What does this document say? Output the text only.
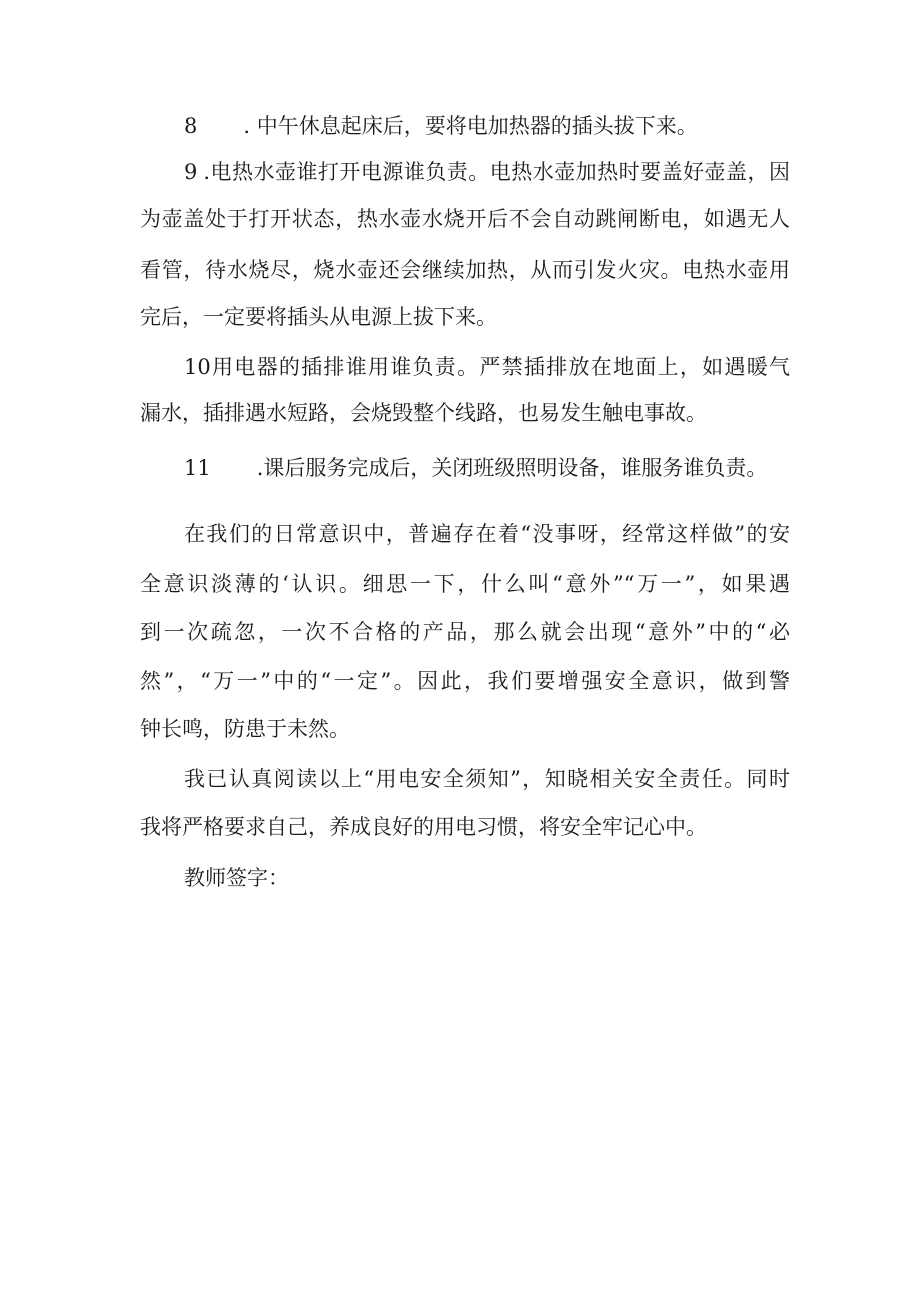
8 . 中午休息起床后，要将电加热器的插头拔下来。
9 .电热水壶谁打开电源谁负责。电热水壶加热时要盖好壶盖，因
为壶盖处于打开状态，热水壶水烧开后不会自动跳闸断电，如遇无人
看管，待水烧尽，烧水壶还会继续加热，从而引发火灾。电热水壶用
完后，一定要将插头从电源上拔下来。
10用电器的插排谁用谁负责。严禁插排放在地面上，如遇暖气
漏水，插排遇水短路，会烧毁整个线路，也易发生触电事故。
11 .课后服务完成后，关闭班级照明设备，谁服务谁负责。
在我们的日常意识中，普遍存在着“没事呀，经常这样做”的安
全意识淡薄的‘认识。细思一下，什么叫“意外”“万一”，如果遇
到一次疏忽，一次不合格的产品，那么就会出现“意外”中的“必
然”，“万一”中的“一定”。因此，我们要增强安全意识，做到警
钟长鸣，防患于未然。
我已认真阅读以上“用电安全须知”，知晓相关安全责任。同时
我将严格要求自己，养成良好的用电习惯，将安全牢记心中。
教师签字：
